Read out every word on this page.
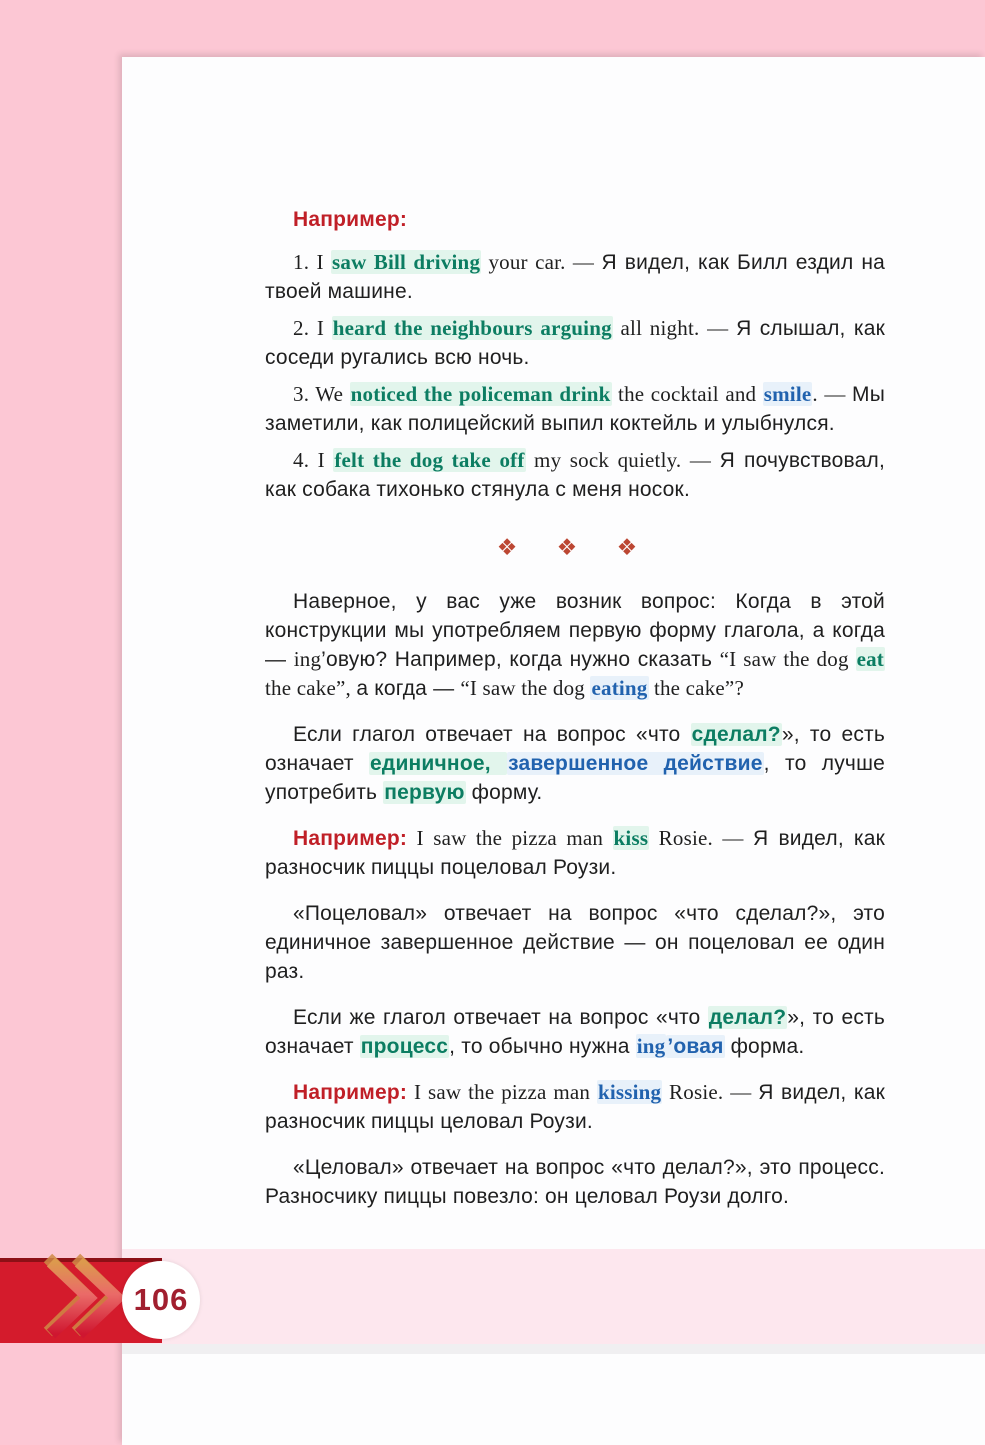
Например:

1. I saw Bill driving your car. — Я видел, как Билл ездил на твоей машине.

2. I heard the neighbours arguing all night. — Я слышал, как соседи ругались всю ночь.

3. We noticed the policeman drink the cocktail and smile. — Мы заметили, как полицейский выпил коктейль и улыбнулся.

4. I felt the dog take off my sock quietly. — Я почувствовал, как собака тихонько стянула с меня носок.

❖ ❖ ❖

Наверное, у вас уже возник вопрос: Когда в этой конструкции мы употребляем первую форму глагола, а когда — ing’овую? Например, когда нужно сказать “I saw the dog eat the cake”, а когда — “I saw the dog eating the cake”?

Если глагол отвечает на вопрос «что сделал?», то есть означает единичное, завершенное действие, то лучше употребить первую форму.

Например: I saw the pizza man kiss Rosie. — Я видел, как разносчик пиццы поцеловал Роузи.

«Поцеловал» отвечает на вопрос «что сделал?», это единичное завершенное действие — он поцеловал ее один раз.

Если же глагол отвечает на вопрос «что делал?», то есть означает процесс, то обычно нужна ing’овая форма.

Например: I saw the pizza man kissing Rosie. — Я видел, как разносчик пиццы целовал Роузи.

«Целовал» отвечает на вопрос «что делал?», это процесс. Разносчику пиццы повезло: он целовал Роузи долго.

106
